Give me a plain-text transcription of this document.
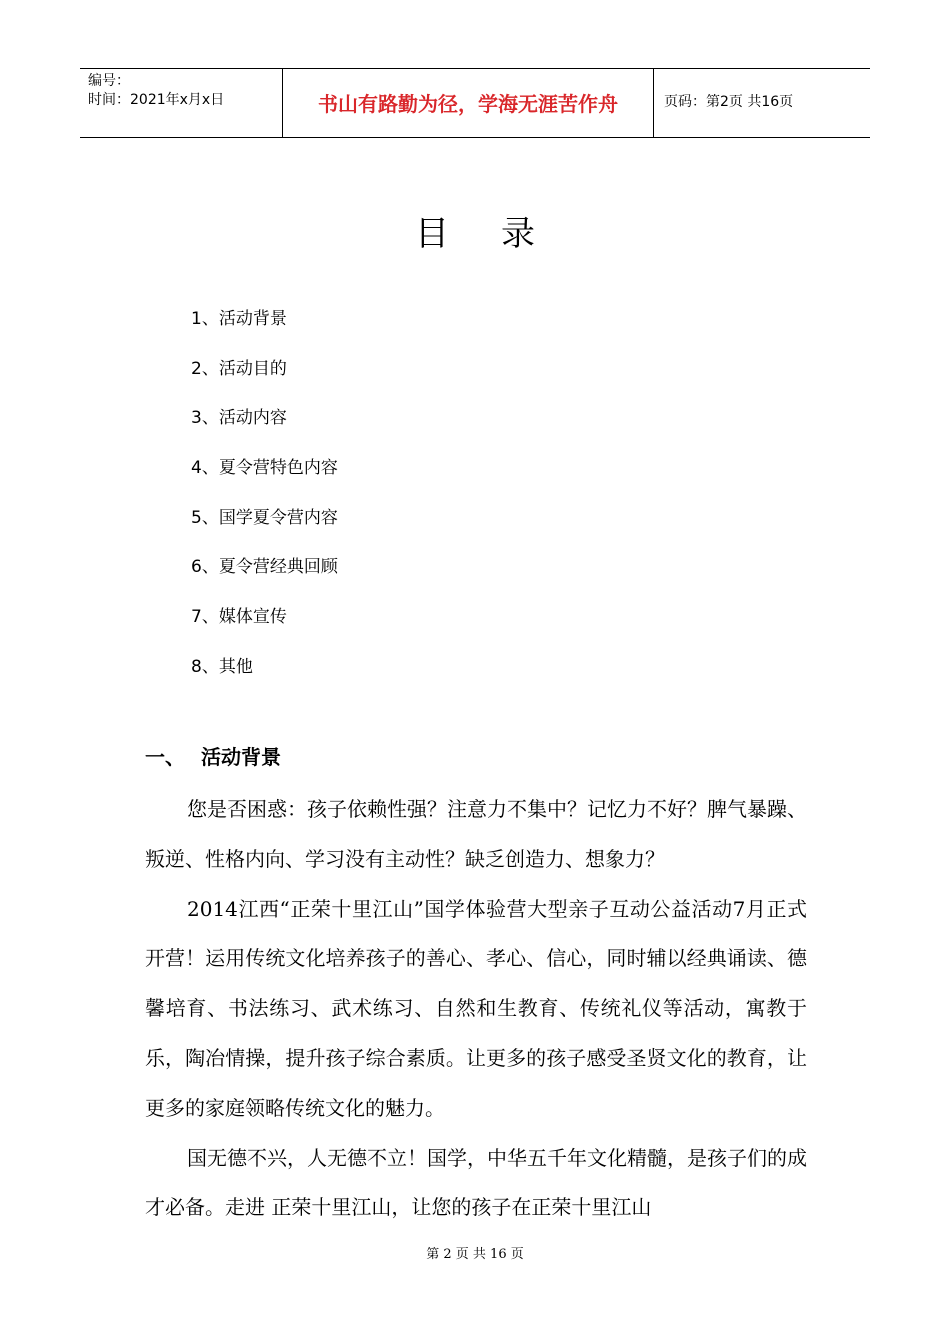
编号：
时间：2021年x月x日	书山有路勤为径，学海无涯苦作舟	页码：第2页 共16页
目录
1、活动背景
2、活动目的
3、活动内容
4、夏令营特色内容
5、国学夏令营内容
6、夏令营经典回顾
7、媒体宣传
8、其他
一、 活动背景

您是否困惑：孩子依赖性强？注意力不集中？记忆力不好？脾气暴躁、叛逆、性格内向、学习没有主动性？缺乏创造力、想象力？

2014江西“正荣十里江山”国学体验营大型亲子互动公益活动7月正式开营！运用传统文化培养孩子的善心、孝心、信心，同时辅以经典诵读、德馨培育、书法练习、武术练习、自然和生教育、传统礼仪等活动，寓教于乐，陶冶情操，提升孩子综合素质。让更多的孩子感受圣贤文化的教育，让更多的家庭领略传统文化的魅力。

国无德不兴，人无德不立！国学，中华五千年文化精髓，是孩子们的成才必备。走进 正荣十里江山，让您的孩子在正荣十里江山

第 2 页 共 16 页
